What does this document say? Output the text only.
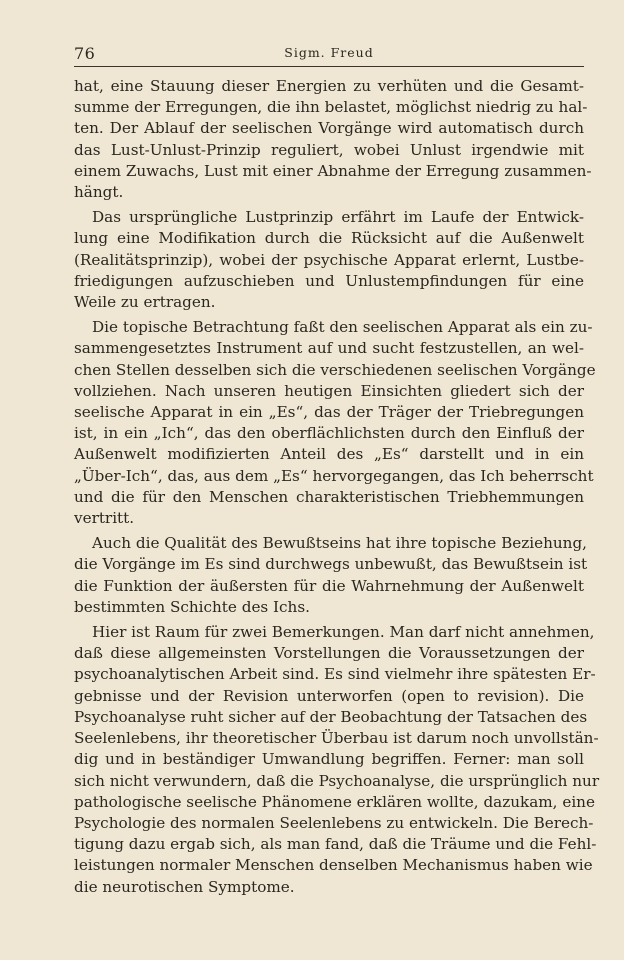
76	Sigm. Freud
hat, eine Stauung dieser Energien zu verhüten und die Gesamt-
summe der Erregungen, die ihn belastet, möglichst niedrig zu hal-
ten. Der Ablauf der seelischen Vorgänge wird automatisch durch
das Lust-Unlust-Prinzip reguliert, wobei Unlust irgendwie mit
einem Zuwachs, Lust mit einer Abnahme der Erregung zusammen-
hängt.
Das ursprüngliche Lustprinzip erfährt im Laufe der Entwick-
lung eine Modifikation durch die Rücksicht auf die Außenwelt
(Realitätsprinzip), wobei der psychische Apparat erlernt, Lustbe-
friedigungen aufzuschieben und Unlustempfindungen für eine
Weile zu ertragen.
Die topische Betrachtung faßt den seelischen Apparat als ein zu-
sammengesetztes Instrument auf und sucht festzustellen, an wel-
chen Stellen desselben sich die verschiedenen seelischen Vorgänge
vollziehen. Nach unseren heutigen Einsichten gliedert sich der
seelische Apparat in ein „Es“, das der Träger der Triebregungen
ist, in ein „Ich“, das den oberflächlichsten durch den Einfluß der
Außenwelt modifizierten Anteil des „Es“ darstellt und in ein
„Über-Ich“, das, aus dem „Es“ hervorgegangen, das Ich beherrscht
und die für den Menschen charakteristischen Triebhemmungen
vertritt.
Auch die Qualität des Bewußtseins hat ihre topische Beziehung,
die Vorgänge im Es sind durchwegs unbewußt, das Bewußtsein ist
die Funktion der äußersten für die Wahrnehmung der Außenwelt
bestimmten Schichte des Ichs.
Hier ist Raum für zwei Bemerkungen. Man darf nicht annehmen,
daß diese allgemeinsten Vorstellungen die Voraussetzungen der
psychoanalytischen Arbeit sind. Es sind vielmehr ihre spätesten Er-
gebnisse und der Revision unterworfen (open to revision). Die
Psychoanalyse ruht sicher auf der Beobachtung der Tatsachen des
Seelenlebens, ihr theoretischer Überbau ist darum noch unvollstän-
dig und in beständiger Umwandlung begriffen. Ferner: man soll
sich nicht verwundern, daß die Psychoanalyse, die ursprünglich nur
pathologische seelische Phänomene erklären wollte, dazukam, eine
Psychologie des normalen Seelenlebens zu entwickeln. Die Berech-
tigung dazu ergab sich, als man fand, daß die Träume und die Fehl-
leistungen normaler Menschen denselben Mechanismus haben wie
die neurotischen Symptome.
